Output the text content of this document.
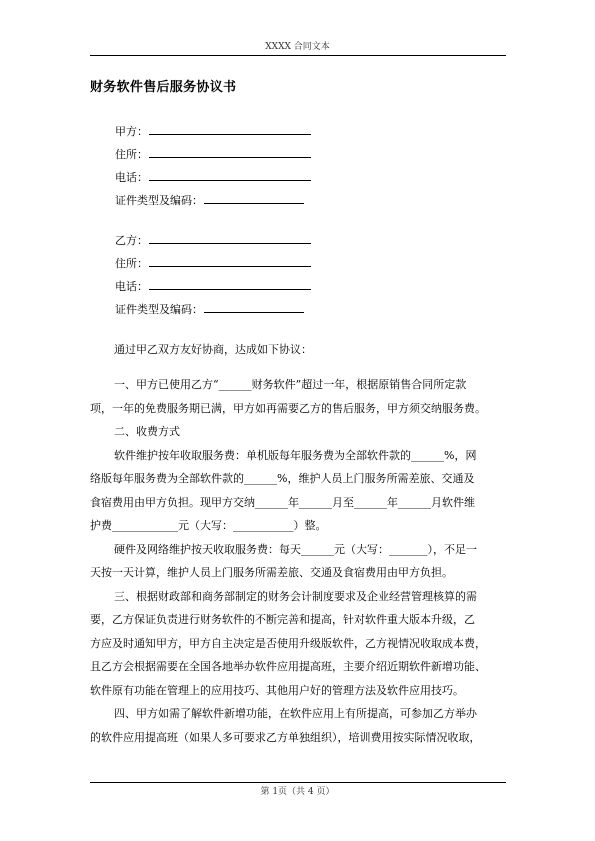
XXXX 合同文本
财务软件售后服务协议书
甲方：
住所：
电话：
证件类型及编码：
乙方：
住所：
电话：
证件类型及编码：
通过甲乙双方友好协商，达成如下协议：
一、甲方已使用乙方“______财务软件”超过一年，根据原销售合同所定款
项，一年的免费服务期已满，甲方如再需要乙方的售后服务，甲方须交纳服务费。
二、收费方式
软件维护按年收取服务费：单机版每年服务费为全部软件款的______%，网
络版每年服务费为全部软件款的______%，维护人员上门服务所需差旅、交通及
食宿费用由甲方负担。现甲方交纳______年______月至______年______月软件维
护费____________元（大写：___________）整。
硬件及网络维护按天收取服务费：每天______元（大写：_______），不足一
天按一天计算，维护人员上门服务所需差旅、交通及食宿费用由甲方负担。
三、根据财政部和商务部制定的财务会计制度要求及企业经营管理核算的需
要，乙方保证负责进行财务软件的不断完善和提高，针对软件重大版本升级，乙
方应及时通知甲方，甲方自主决定是否使用升级版软件，乙方视情况收取成本费，
且乙方会根据需要在全国各地举办软件应用提高班，主要介绍近期软件新增功能、
软件原有功能在管理上的应用技巧、其他用户好的管理方法及软件应用技巧。
四、甲方如需了解软件新增功能，在软件应用上有所提高，可参加乙方举办
的软件应用提高班（如果人多可要求乙方单独组织），培训费用按实际情况收取，
第 1页（共 4 页）
